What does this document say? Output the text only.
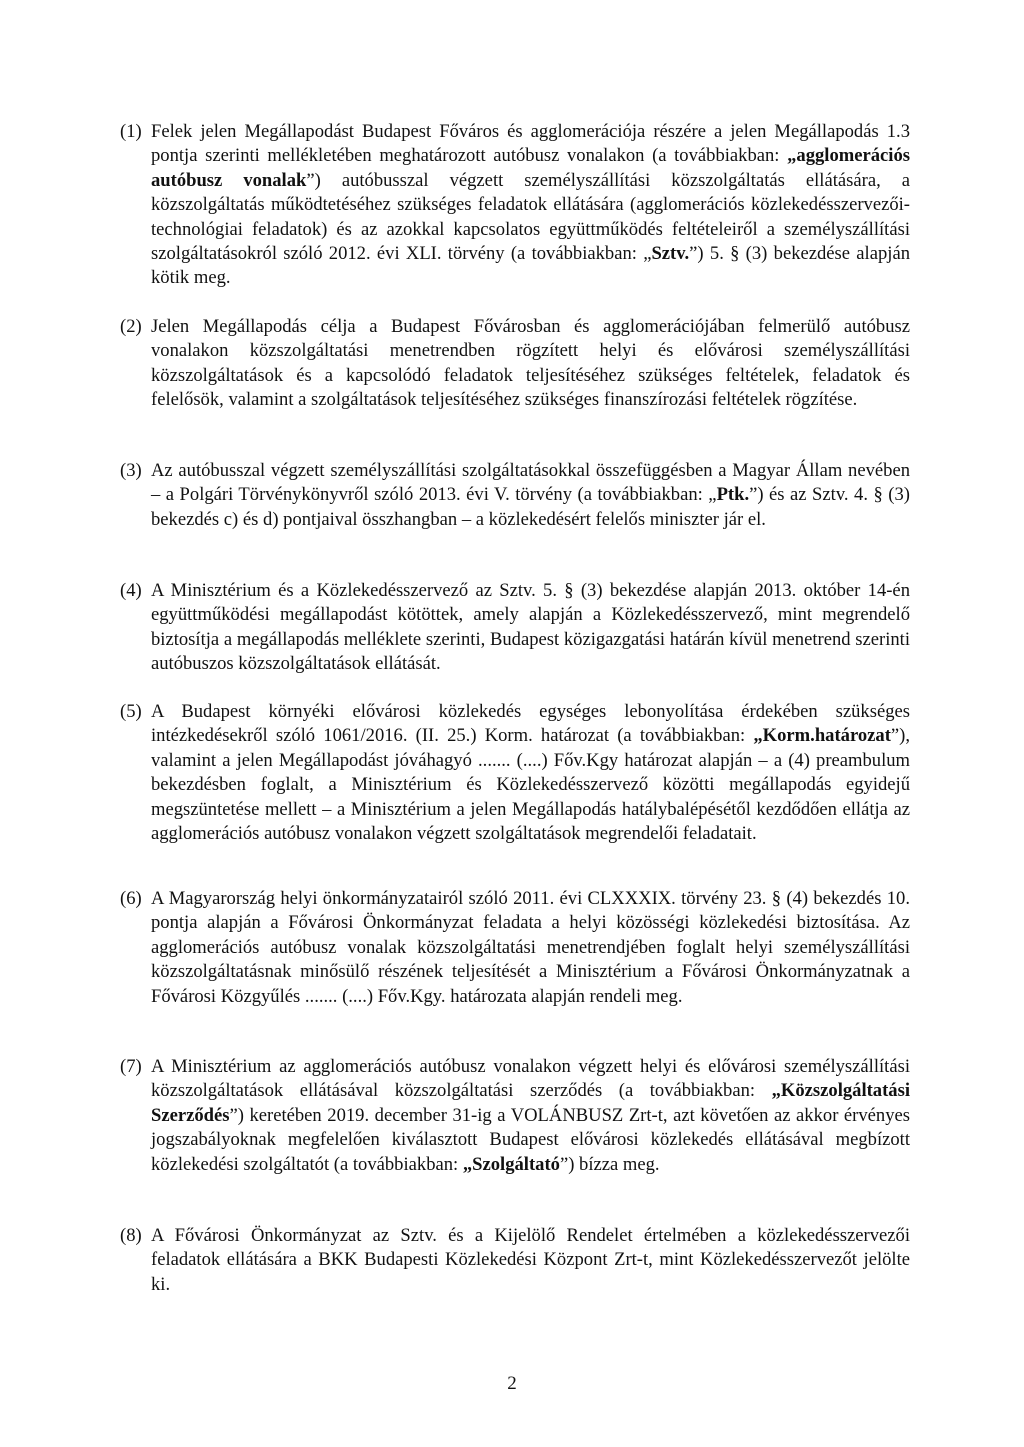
(1) Felek jelen Megállapodást Budapest Főváros és agglomerációja részére a jelen Megállapodás 1.3 pontja szerinti mellékletében meghatározott autóbusz vonalakon (a továbbiakban: „agglomerációs autóbusz vonalak”) autóbusszal végzett személyszállítási közszolgáltatás ellátására, a közszolgáltatás működtetéséhez szükséges feladatok ellátására (agglomerációs közlekedésszervezői-technológiai feladatok) és az azokkal kapcsolatos együttműködés feltételeiről a személyszállítási szolgáltatásokról szóló 2012. évi XLI. törvény (a továbbiakban: „Sztv.”) 5. § (3) bekezdése alapján kötik meg.
(2) Jelen Megállapodás célja a Budapest Fővárosban és agglomerációjában felmerülő autóbusz vonalakon közszolgáltatási menetrendben rögzített helyi és elővárosi személyszállítási közszolgáltatások és a kapcsolódó feladatok teljesítéséhez szükséges feltételek, feladatok és felelősök, valamint a szolgáltatások teljesítéséhez szükséges finanszírozási feltételek rögzítése.
(3) Az autóbusszal végzett személyszállítási szolgáltatásokkal összefüggésben a Magyar Állam nevében – a Polgári Törvénykönyvről szóló 2013. évi V. törvény (a továbbiakban: „Ptk.”) és az Sztv. 4. § (3) bekezdés c) és d) pontjaival összhangban – a közlekedésért felelős miniszter jár el.
(4) A Minisztérium és a Közlekedésszervező az Sztv. 5. § (3) bekezdése alapján 2013. október 14-én együttműködési megállapodást kötöttek, amely alapján a Közlekedésszervező, mint megrendelő biztosítja a megállapodás melléklete szerinti, Budapest közigazgatási határán kívül menetrend szerinti autóbuszos közszolgáltatások ellátását.
(5) A Budapest környéki elővárosi közlekedés egységes lebonyolítása érdekében szükséges intézkedésekről szóló 1061/2016. (II. 25.) Korm. határozat (a továbbiakban: „Korm.határozat”), valamint a jelen Megállapodást jóváhagyó ....... (....) Főv.Kgy határozat alapján – a (4) preambulum bekezdésben foglalt, a Minisztérium és Közlekedésszervező közötti megállapodás egyidejű megszüntetése mellett – a Minisztérium a jelen Megállapodás hatálybalépésétől kezdődően ellátja az agglomerációs autóbusz vonalakon végzett szolgáltatások megrendelői feladatait.
(6) A Magyarország helyi önkormányzatairól szóló 2011. évi CLXXXIX. törvény 23. § (4) bekezdés 10. pontja alapján a Fővárosi Önkormányzat feladata a helyi közösségi közlekedési biztosítása. Az agglomerációs autóbusz vonalak közszolgáltatási menetrendjében foglalt helyi személyszállítási közszolgáltatásnak minősülő részének teljesítését a Minisztérium a Fővárosi Önkormányzatnak a Fővárosi Közgyűlés ....... (....) Főv.Kgy. határozata alapján rendeli meg.
(7) A Minisztérium az agglomerációs autóbusz vonalakon végzett helyi és elővárosi személyszállítási közszolgáltatások ellátásával közszolgáltatási szerződés (a továbbiakban: „Közszolgáltatási Szerződés”) keretében 2019. december 31-ig a VOLÁNBUSZ Zrt-t, azt követően az akkor érvényes jogszabályoknak megfelelően kiválasztott Budapest elővárosi közlekedés ellátásával megbízott közlekedési szolgáltatót (a továbbiakban: „Szolgáltató”) bízza meg.
(8) A Fővárosi Önkormányzat az Sztv. és a Kijelölő Rendelet értelmében a közlekedésszervezői feladatok ellátására a BKK Budapesti Közlekedési Központ Zrt-t, mint Közlekedésszervezőt jelölte ki.
2
